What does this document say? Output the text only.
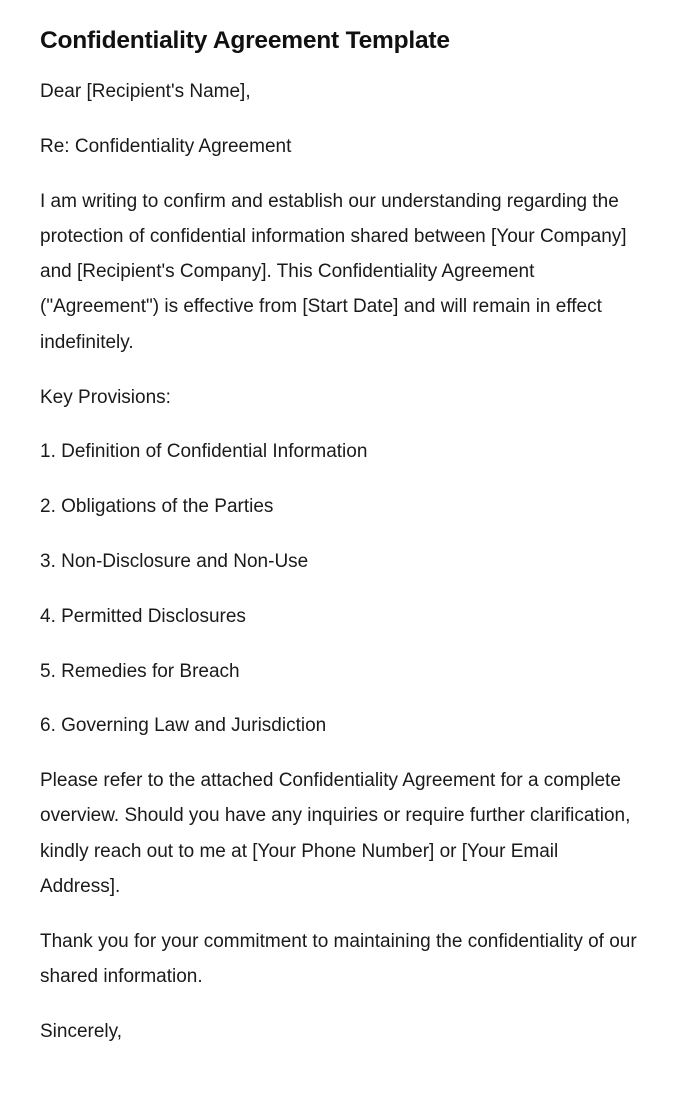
Confidentiality Agreement Template

Dear [Recipient's Name],

Re: Confidentiality Agreement

I am writing to confirm and establish our understanding regarding the protection of confidential information shared between [Your Company] and [Recipient's Company]. This Confidentiality Agreement ("Agreement") is effective from [Start Date] and will remain in effect indefinitely.

Key Provisions:

1. Definition of Confidential Information
2. Obligations of the Parties
3. Non-Disclosure and Non-Use
4. Permitted Disclosures
5. Remedies for Breach
6. Governing Law and Jurisdiction

Please refer to the attached Confidentiality Agreement for a complete overview. Should you have any inquiries or require further clarification, kindly reach out to me at [Your Phone Number] or [Your Email Address].

Thank you for your commitment to maintaining the confidentiality of our shared information.

Sincerely,
